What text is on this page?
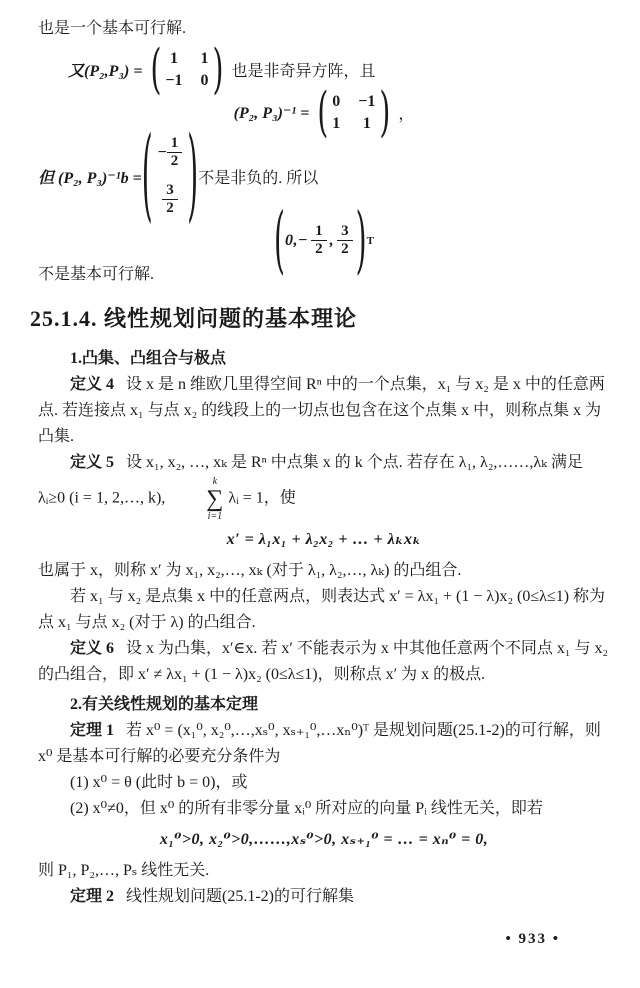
也是一个基本可行解.

又(P₂,P₃) = ( 1 1
−1 0 ) 也是非奇异方阵，且
(P₂, P₃)⁻¹ = ( 0 −1
1 1 ) ，
但 (P₂, P₃)⁻¹b = ( − $\frac{1}{2}$
$\frac{3}{2}$ ) 不是非负的. 所以
( 0, − $\frac{1}{2}$ , $\frac{3}{2}$ ) T

不是基本可行解.

25.1.4. 线性规划问题的基本理论

1.凸集、凸组合与极点

定义 4 设 x 是 n 维欧几里得空间 Rⁿ 中的一个点集，x₁ 与 x₂ 是 x 中的任意两点. 若连接点 x₁ 与点 x₂ 的线段上的一切点也包含在这个点集 x 中，则称点集 x 为凸集.

定义 5 设 x₁, x₂, …, xₖ 是 Rⁿ 中点集 x 的 k 个点. 若存在 λ₁, λ₂,……,λₖ 满足 λᵢ≥0 (i = 1, 2,…, k),
k
∑
i=1
λᵢ = 1，使

x′ = λ₁x₁ + λ₂x₂ + … + λₖxₖ

也属于 x，则称 x′ 为 x₁, x₂,…, xₖ (对于 λ₁, λ₂,…, λₖ) 的凸组合.

若 x₁ 与 x₂ 是点集 x 中的任意两点，则表达式 x′ = λx₁ + (1 − λ)x₂ (0≤λ≤1) 称为点 x₁ 与点 x₂ (对于 λ) 的凸组合.

定义 6 设 x 为凸集，x′∈x. 若 x′ 不能表示为 x 中其他任意两个不同点 x₁ 与 x₂ 的凸组合，即 x′ ≠ λx₁ + (1 − λ)x₂ (0≤λ≤1)，则称点 x′ 为 x 的极点.

2.有关线性规划的基本定理

定理 1 若 x⁰ = (x₁⁰, x₂⁰,…,xₛ⁰, xₛ₊₁⁰,…xₙ⁰)ᵀ 是规划问题(25.1-2)的可行解，则 x⁰ 是基本可行解的必要充分条件为

(1) x⁰ = θ (此时 b = 0)，或

(2) x⁰≠0，但 x⁰ 的所有非零分量 xᵢ⁰ 所对应的向量 Pᵢ 线性无关，即若

x₁⁰>0, x₂⁰>0,……,xₛ⁰>0, xₛ₊₁⁰ = … = xₙ⁰ = 0,

则 P₁, P₂,…, Pₛ 线性无关.

定理 2 线性规划问题(25.1-2)的可行解集

• 933 •
